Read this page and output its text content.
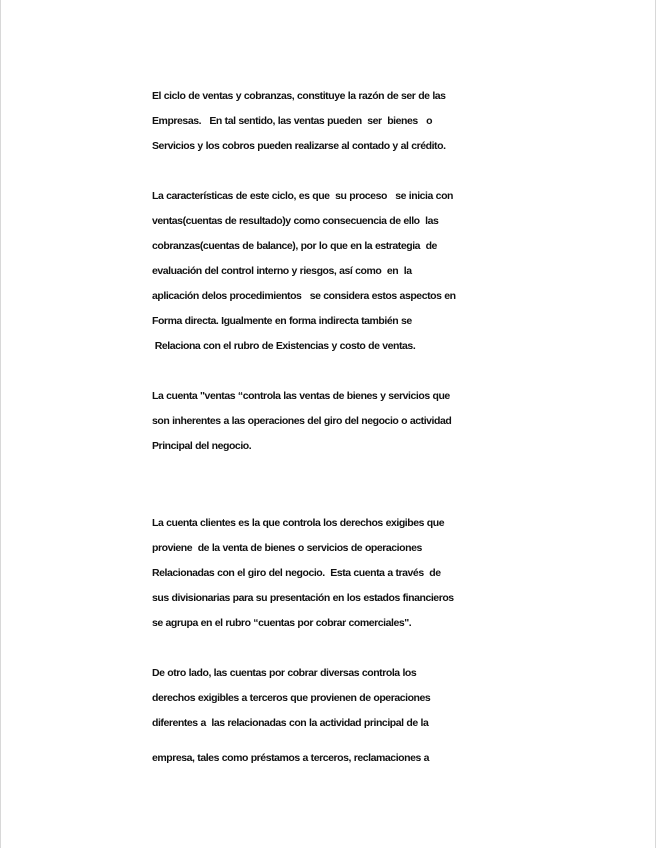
El ciclo de ventas y cobranzas, constituye la razón de ser de las
Empresas.   En tal sentido, las ventas pueden  ser  bienes   o
Servicios y los cobros pueden realizarse al contado y al crédito.
La características de este ciclo, es que  su proceso   se inicia con
ventas(cuentas de resultado)y como consecuencia de ello  las
cobranzas(cuentas de balance), por lo que en la estrategia  de
evaluación del control interno y riesgos, así como  en  la
aplicación delos procedimientos   se considera estos aspectos en
Forma directa. Igualmente en forma indirecta también se
Relaciona con el rubro de Existencias y costo de ventas.
La cuenta "ventas “controla las ventas de bienes y servicios que
son inherentes a las operaciones del giro del negocio o actividad
Principal del negocio.
La cuenta clientes es la que controla los derechos exigibes que
proviene  de la venta de bienes o servicios de operaciones
Relacionadas con el giro del negocio.  Esta cuenta a través  de
sus divisionarias para su presentación en los estados financieros
se agrupa en el rubro “cuentas por cobrar comerciales".
De otro lado, las cuentas por cobrar diversas controla los
derechos exigibles a terceros que provienen de operaciones
diferentes a  las relacionadas con la actividad principal de la
empresa, tales como préstamos a terceros, reclamaciones a
